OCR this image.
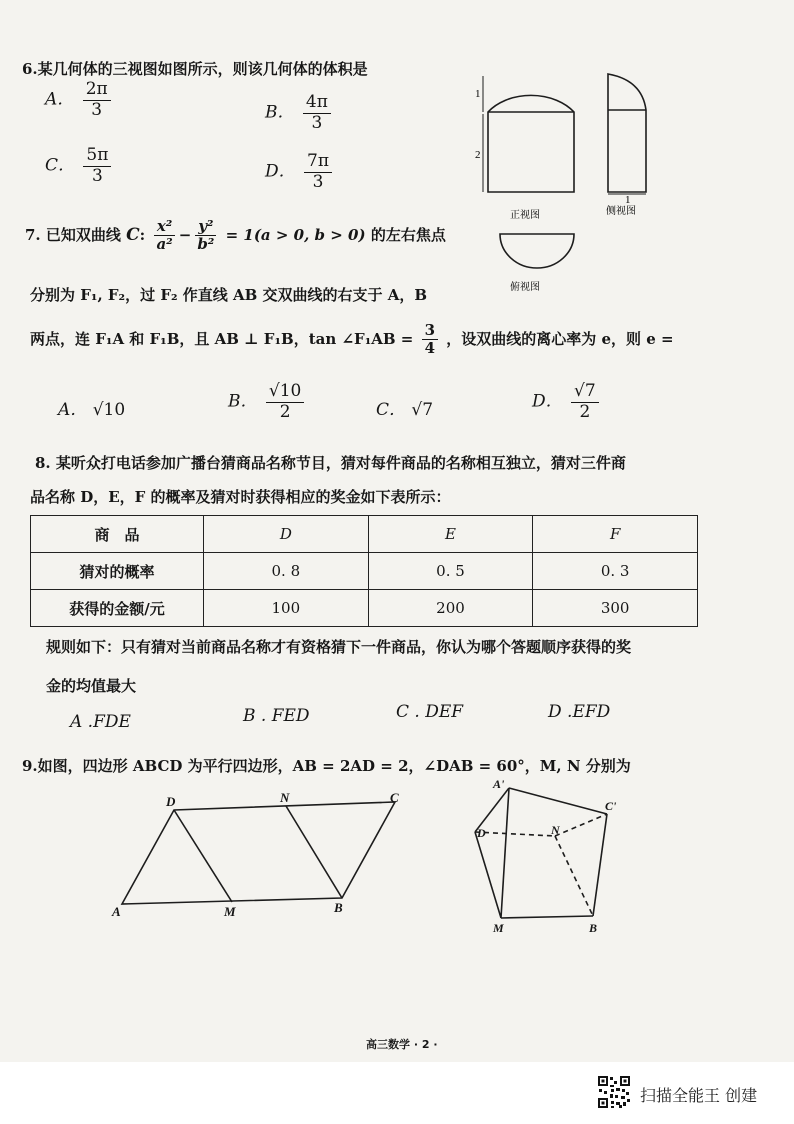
6.某几何体的三视图如图所示，则该几何体的体积是
A． $\frac{2\pi}{3}$	B． $\frac{4\pi}{3}$
C． $\frac{5\pi}{3}$	D． $\frac{7\pi}{3}$
1
2
1
正视图	侧视图
俯视图
7. 已知双曲线 C: $\frac{\text{x²}}{\text{a²}} - \frac{\text{y²}}{\text{b²}} = 1(a > 0$, b > 0) 的左右焦点
分别为 F₁, F₂，过 F₂ 作直线 AB 交双曲线的右支于 A，B
两点，连 F₁A 和 F₁B，且 AB ⊥ F₁B，tan ∠F₁AB = $\frac{3}{4}$ ，设双曲线的离心率为 e，则 e =
A． √10	B． $\frac{√10}{2}$	C． √7	D． $\frac{√7}{2}$
8. 某听众打电话参加广播台猜商品名称节目，猜对每件商品的名称相互独立，猜对三件商
品名称 D，E，F 的概率及猜对时获得相应的奖金如下表所示：
商　品	D	E	F
猜对的概率	0. 8	0. 5	0. 3
获得的金额/元	100	200	300
规则如下：只有猜对当前商品名称才有资格猜下一件商品，你认为哪个答题顺序获得的奖
金的均值最大
A .FDE	B . FED	C . DEF	D .EFD
9.如图，四边形 ABCD 为平行四边形，AB = 2AD = 2，∠DAB = 60°，M, N 分别为
A	M	B
D	N	C
A'
C'
D	N
M	B
高三数学 · 2 ·
扫描全能王 创建
